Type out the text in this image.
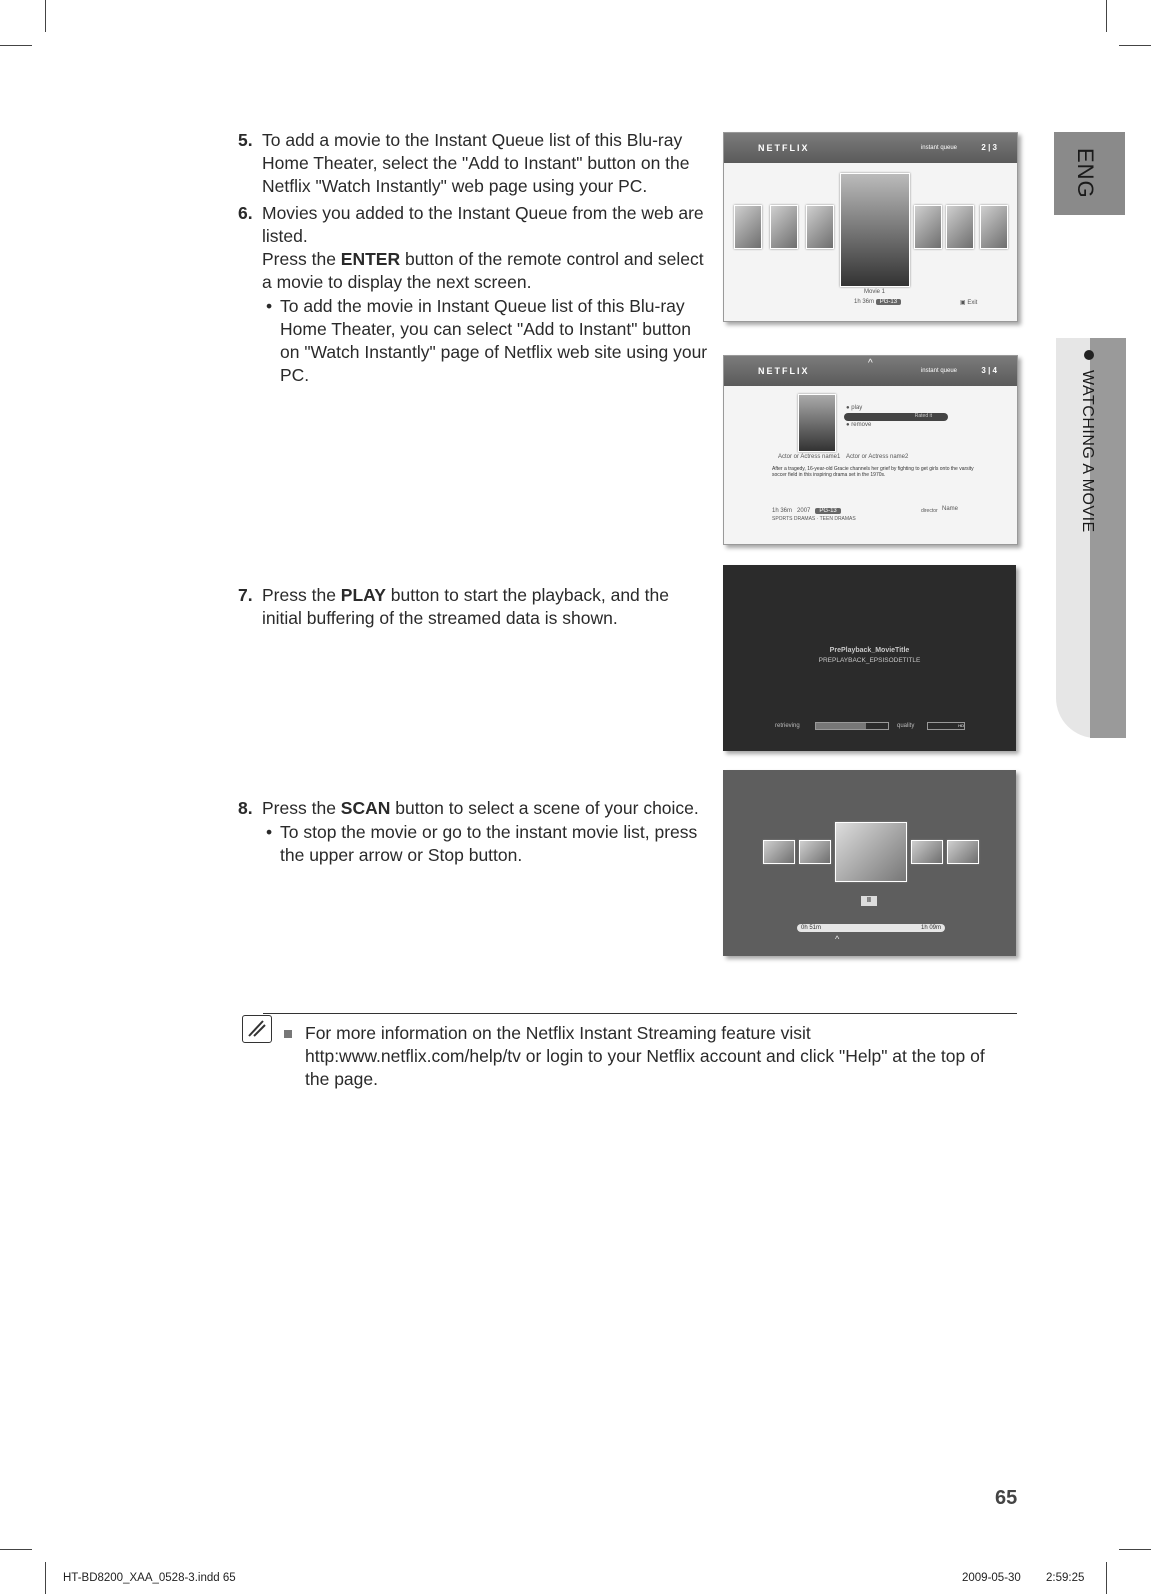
ENG
WATCHING A MOVIE
5. To add a movie to the Instant Queue list of this Blu-ray Home Theater, select the "Add to Instant" button on the Netflix "Watch Instantly" web page using your PC.
6. Movies you added to the Instant Queue from the web are listed.
Press the ENTER button of the remote control and select a movie to display the next screen.
• To add the movie in Instant Queue list of this Blu-ray Home Theater, you can select "Add to Instant" button on "Watch Instantly" page of Netflix web site using your PC.
7. Press the PLAY button to start the playback, and the initial buffering of the streamed data is shown.
8. Press the SCAN button to select a scene of your choice.
• To stop the movie or go to the instant movie list, press the upper arrow or Stop button.
NETFLIX	instant queue	2 | 3
Movie 1
1h 36m PG-13	▣ Exit
NETFLIX
^
instant queue	3 | 4
● play
Rated it
● remove
Actor or Actress name1 Actor or Actress name2
After a tragedy, 16-year-old Gracie channels her grief by fighting to get girls onto the varsity soccer field in this inspiring drama set in the 1970s.
1h 36m 2007 PG-13
SPORTS DRAMAS · TEEN DRAMAS
director Name
PrePlayback_MovieTitle
PREPLAYBACK_EPSISODETITLE
retrieving	quality	HD
II
0h 51m	1h 09m
^
For more information on the Netflix Instant Streaming feature visit http:www.netflix.com/help/tv or login to your Netflix account and click "Help" at the top of the page.
65
HT-BD8200_XAA_0528-3.indd 65	2009-05-30 2:59:25
